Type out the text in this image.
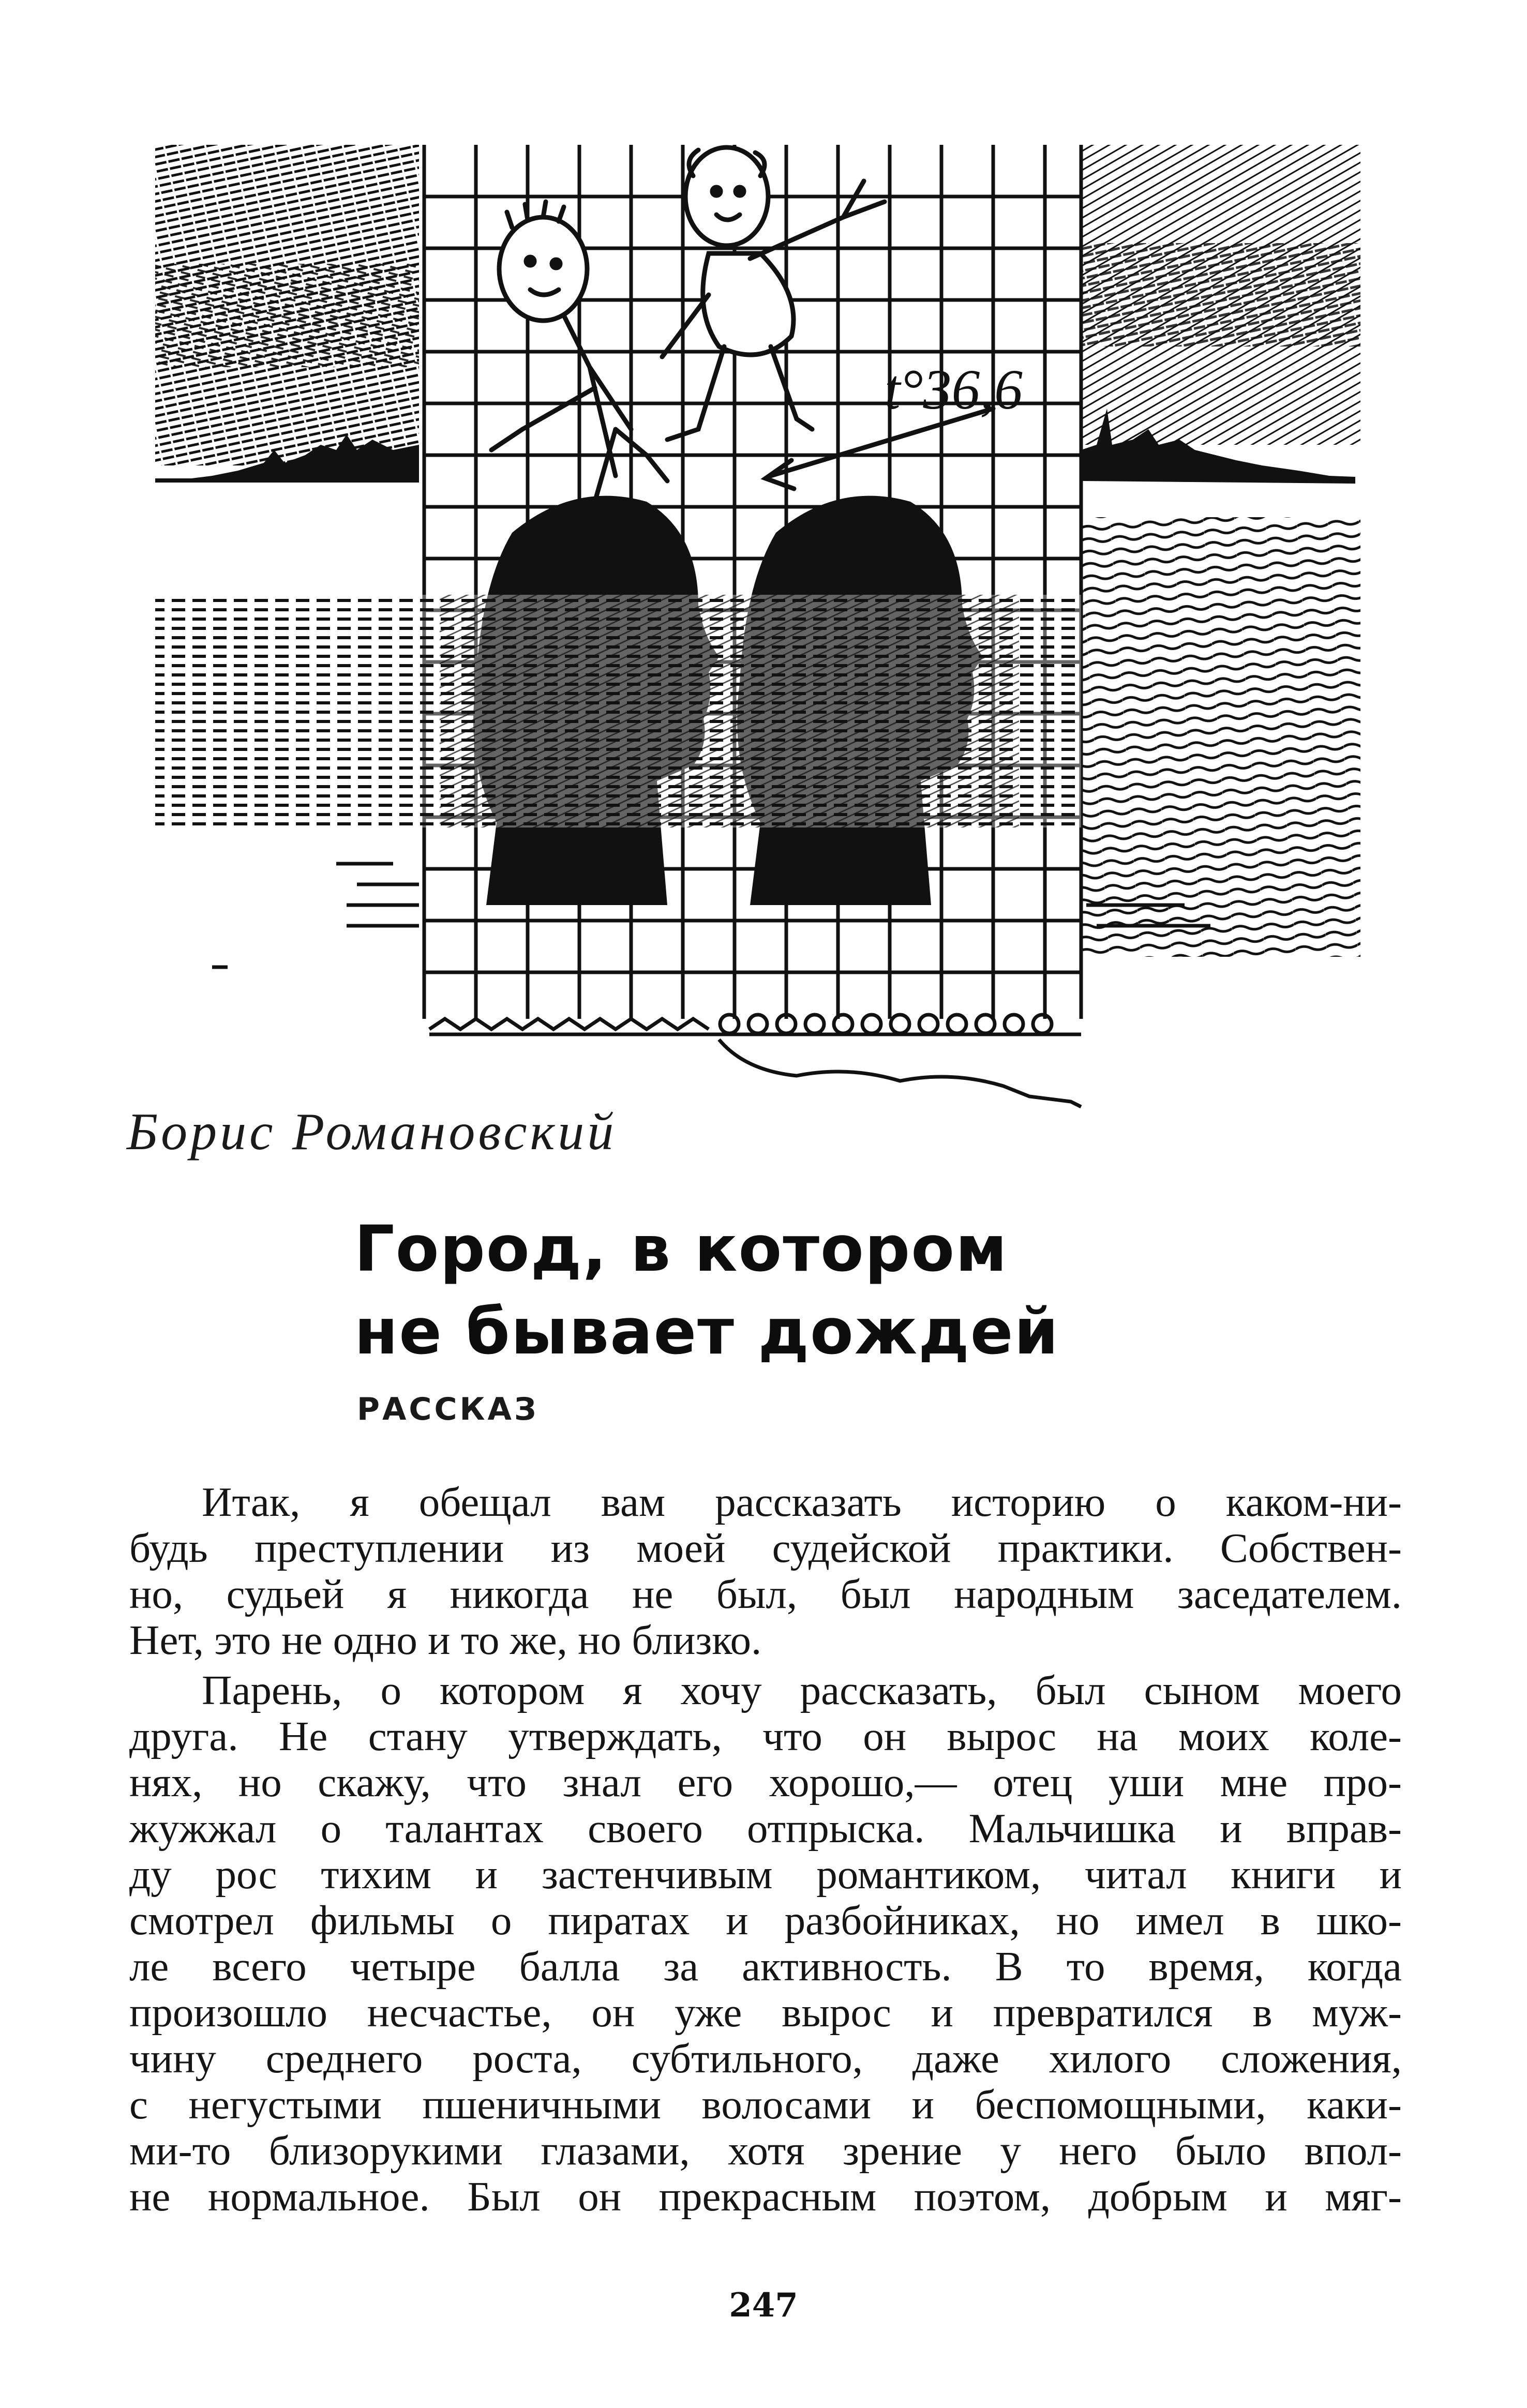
t°36,6
Борис Романовский
Город, в котором
не бывает дождей
РАССКАЗ

Итак, я обещал вам рассказать историю о каком-ни-
будь преступлении из моей судейской практики. Собствен-
но, судьей я никогда не был, был народным заседателем.
Нет, это не одно и то же, но близко.

Парень, о котором я хочу рассказать, был сыном моего
друга. Не стану утверждать, что он вырос на моих коле-
нях, но скажу, что знал его хорошо,— отец уши мне про-
жужжал о талантах своего отпрыска. Мальчишка и вправ-
ду рос тихим и застенчивым романтиком, читал книги и
смотрел фильмы о пиратах и разбойниках, но имел в шко-
ле всего четыре балла за активность. В то время, когда
произошло несчастье, он уже вырос и превратился в муж-
чину среднего роста, субтильного, даже хилого сложения,
с негустыми пшеничными волосами и беспомощными, каки-
ми-то близорукими глазами, хотя зрение у него было впол-
не нормальное. Был он прекрасным поэтом, добрым и мяг-

247
